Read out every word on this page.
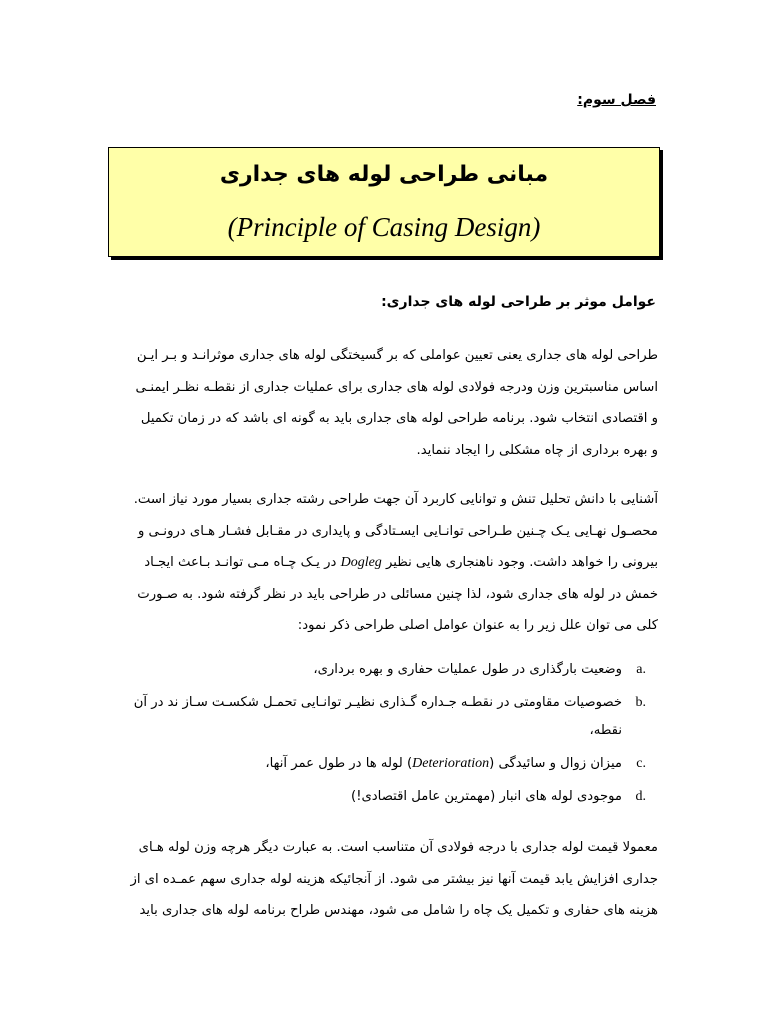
فصل سوم:
مبانی طراحی لوله های جداری
(Principle of Casing Design)
عوامل موثر بر طراحی لوله های جداری:
طراحی لوله های جداری یعنی تعیین عواملی که بر گسیختگی لوله های جداری موثرانـد و بـر ایـن
اساس مناسبترین وزن ودرجه فولادی لوله های جداری برای عملیات جداری از نقطـه نظـر ایمنـی
و اقتصادی انتخاب شود. برنامه طراحی لوله های جداری باید به گونه ای باشد که در زمان تکمیل
و بهره برداری از چاه مشکلی را ایجاد ننماید.
آشنایی با دانش تحلیل تنش و توانایی کاربرد آن جهت طراحی رشته جداری بسیار مورد نیاز است.
محصـول نهـایی یـک چـنین طـراحی توانـایی ایسـتادگی و پایداری در مقـابل فشـار هـای درونـی و
بیرونی را خواهد داشت. وجود ناهنجاری هایی نظیر Dogleg در یـک چـاه مـی توانـد بـاعث ایجـاد
خمش در لوله های جداری شود، لذا چنین مسائلی در طراحی باید در نظر گرفته شود. به صـورت
کلی می توان علل زیر را به عنوان عوامل اصلی طراحی ذکر نمود:
a.
وضعیت بارگذاری در طول عملیات حفاری و بهره برداری،
b.
خصوصیات مقاومتی در نقطـه جـداره گـذاری نظیـر توانـایی تحمـل شکسـت سـاز ند در آن نقطه،
c.
میزان زوال و سائیدگی (Deterioration) لوله ها در طول عمر آنها،
d.
موجودی لوله های انبار (مهمترین عامل اقتصادی!)
معمولا قیمت لوله جداری با درجه فولادی آن متناسب است. به عبارت دیگر هرچه وزن لوله هـای
جداری افزایش یابد قیمت آنها نیز بیشتر می شود. از آنجائیکه هزینه لوله جداری سهم عمـده ای از
هزینه های حفاری و تکمیل یک چاه را شامل می شود، مهندس طراح برنامه لوله های جداری باید
